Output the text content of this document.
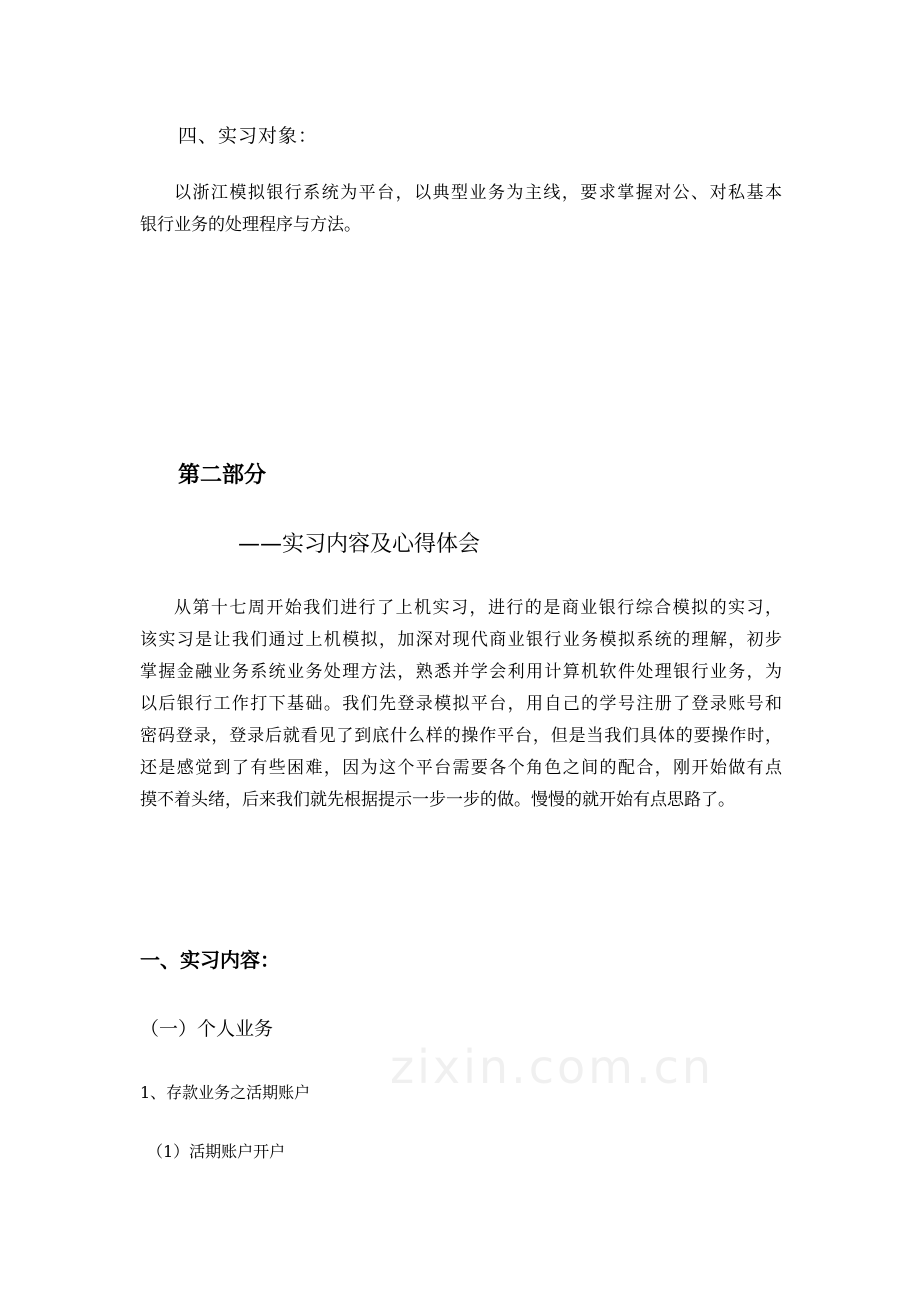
四、实习对象：

以浙江模拟银行系统为平台，以典型业务为主线，要求掌握对公、对私基本
银行业务的处理程序与方法。

第二部分

——实习内容及心得体会

从第十七周开始我们进行了上机实习，进行的是商业银行综合模拟的实习，
该实习是让我们通过上机模拟，加深对现代商业银行业务模拟系统的理解，初步
掌握金融业务系统业务处理方法，熟悉并学会利用计算机软件处理银行业务，为
以后银行工作打下基础。我们先登录模拟平台，用自己的学号注册了登录账号和
密码登录，登录后就看见了到底什么样的操作平台，但是当我们具体的要操作时，
还是感觉到了有些困难，因为这个平台需要各个角色之间的配合，刚开始做有点
摸不着头绪，后来我们就先根据提示一步一步的做。慢慢的就开始有点思路了。

一、实习内容：

（一）个人业务

1、存款业务之活期账户

（1）活期账户开户

zixin.com.cn
